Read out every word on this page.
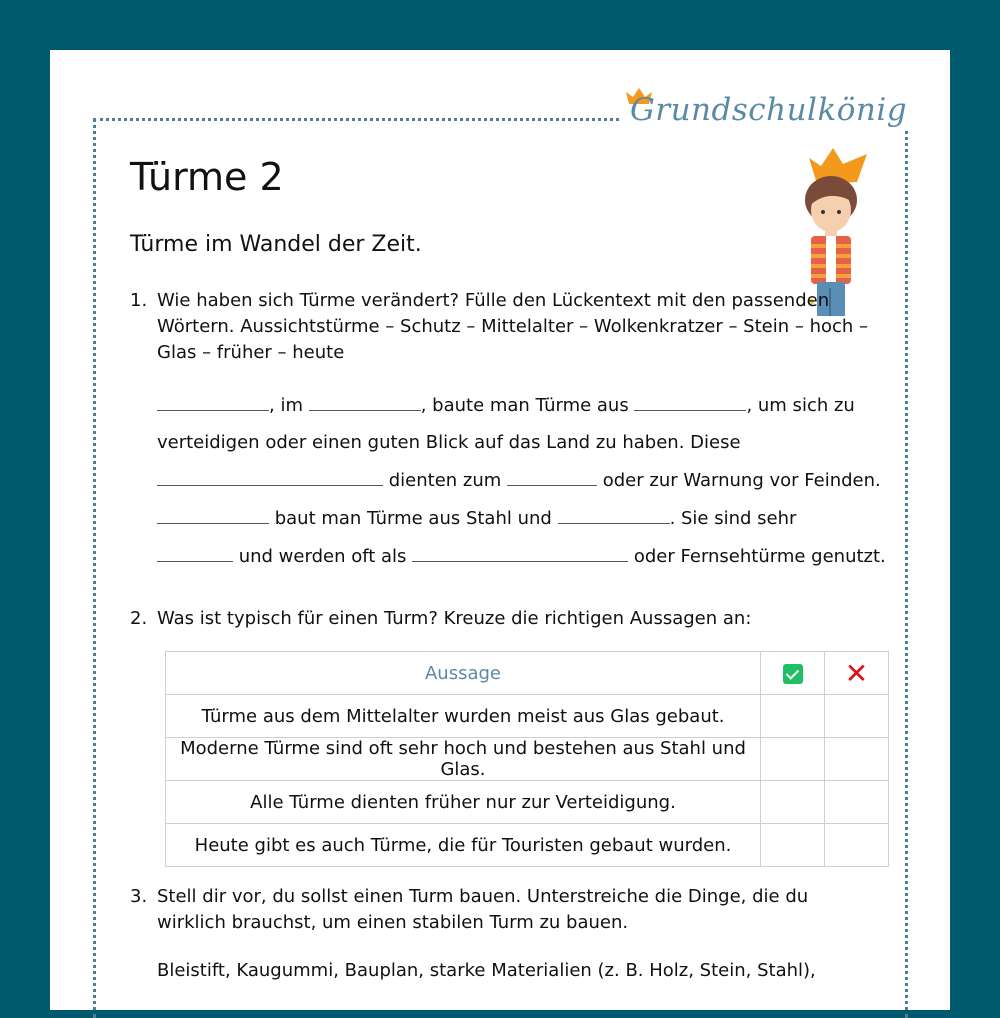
Grundschulkönig
Türme 2
Türme im Wandel der Zeit.
1. Wie haben sich Türme verändert? Fülle den Lückentext mit den passenden Wörtern. Aussichtstürme – Schutz – Mittelalter – Wolkenkratzer – Stein – hoch – Glas – früher – heute
, im	, baute man Türme aus	, um sich zu
verteidigen oder einen guten Blick auf das Land zu haben. Diese
dienten zum	oder zur Warnung vor Feinden.
baut man Türme aus Stahl und	. Sie sind sehr
und werden oft als	oder Fernsehtürme genutzt.
2. Was ist typisch für einen Turm? Kreuze die richtigen Aussagen an:
Aussage		✕
Türme aus dem Mittelalter wurden meist aus Glas gebaut.		
Moderne Türme sind oft sehr hoch und bestehen aus Stahl und Glas.		
Alle Türme dienten früher nur zur Verteidigung.		
Heute gibt es auch Türme, die für Touristen gebaut wurden.		
3. Stell dir vor, du sollst einen Turm bauen. Unterstreiche die Dinge, die du wirklich brauchst, um einen stabilen Turm zu bauen.
Bleistift, Kaugummi, Bauplan, starke Materialien (z. B. Holz, Stein, Stahl),
